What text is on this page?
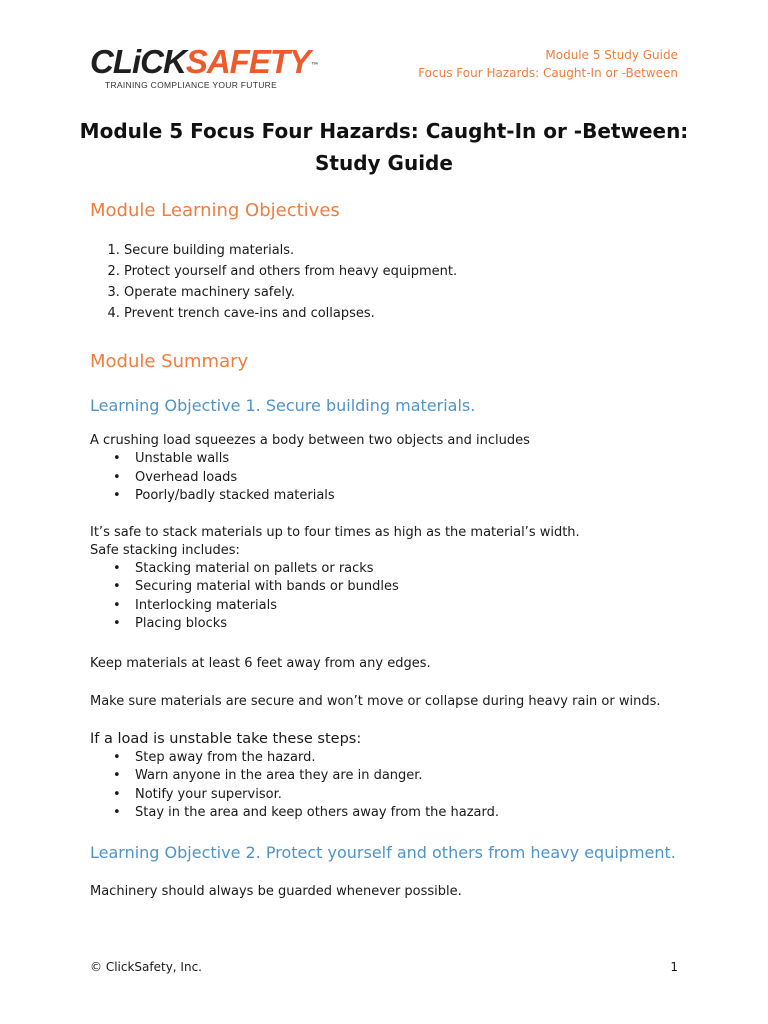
CLiCKSAFETY™
TRAINING COMPLIANCE YOUR FUTURE
Module 5 Study Guide
Focus Four Hazards: Caught-In or -Between
Module 5 Focus Four Hazards: Caught-In or -Between:
Study Guide
Module Learning Objectives
1. Secure building materials.
2. Protect yourself and others from heavy equipment.
3. Operate machinery safely.
4. Prevent trench cave-ins and collapses.
Module Summary
Learning Objective 1. Secure building materials.

A crushing load squeezes a body between two objects and includes

• Unstable walls
• Overhead loads
• Poorly/badly stacked materials

It’s safe to stack materials up to four times as high as the material’s width.

Safe stacking includes:

• Stacking material on pallets or racks
• Securing material with bands or bundles
• Interlocking materials
• Placing blocks

Keep materials at least 6 feet away from any edges.

Make sure materials are secure and won’t move or collapse during heavy rain or winds.

If a load is unstable take these steps:

• Step away from the hazard.
• Warn anyone in the area they are in danger.
• Notify your supervisor.
• Stay in the area and keep others away from the hazard.
Learning Objective 2. Protect yourself and others from heavy equipment.

Machinery should always be guarded whenever possible.

© ClickSafety, Inc.	1
